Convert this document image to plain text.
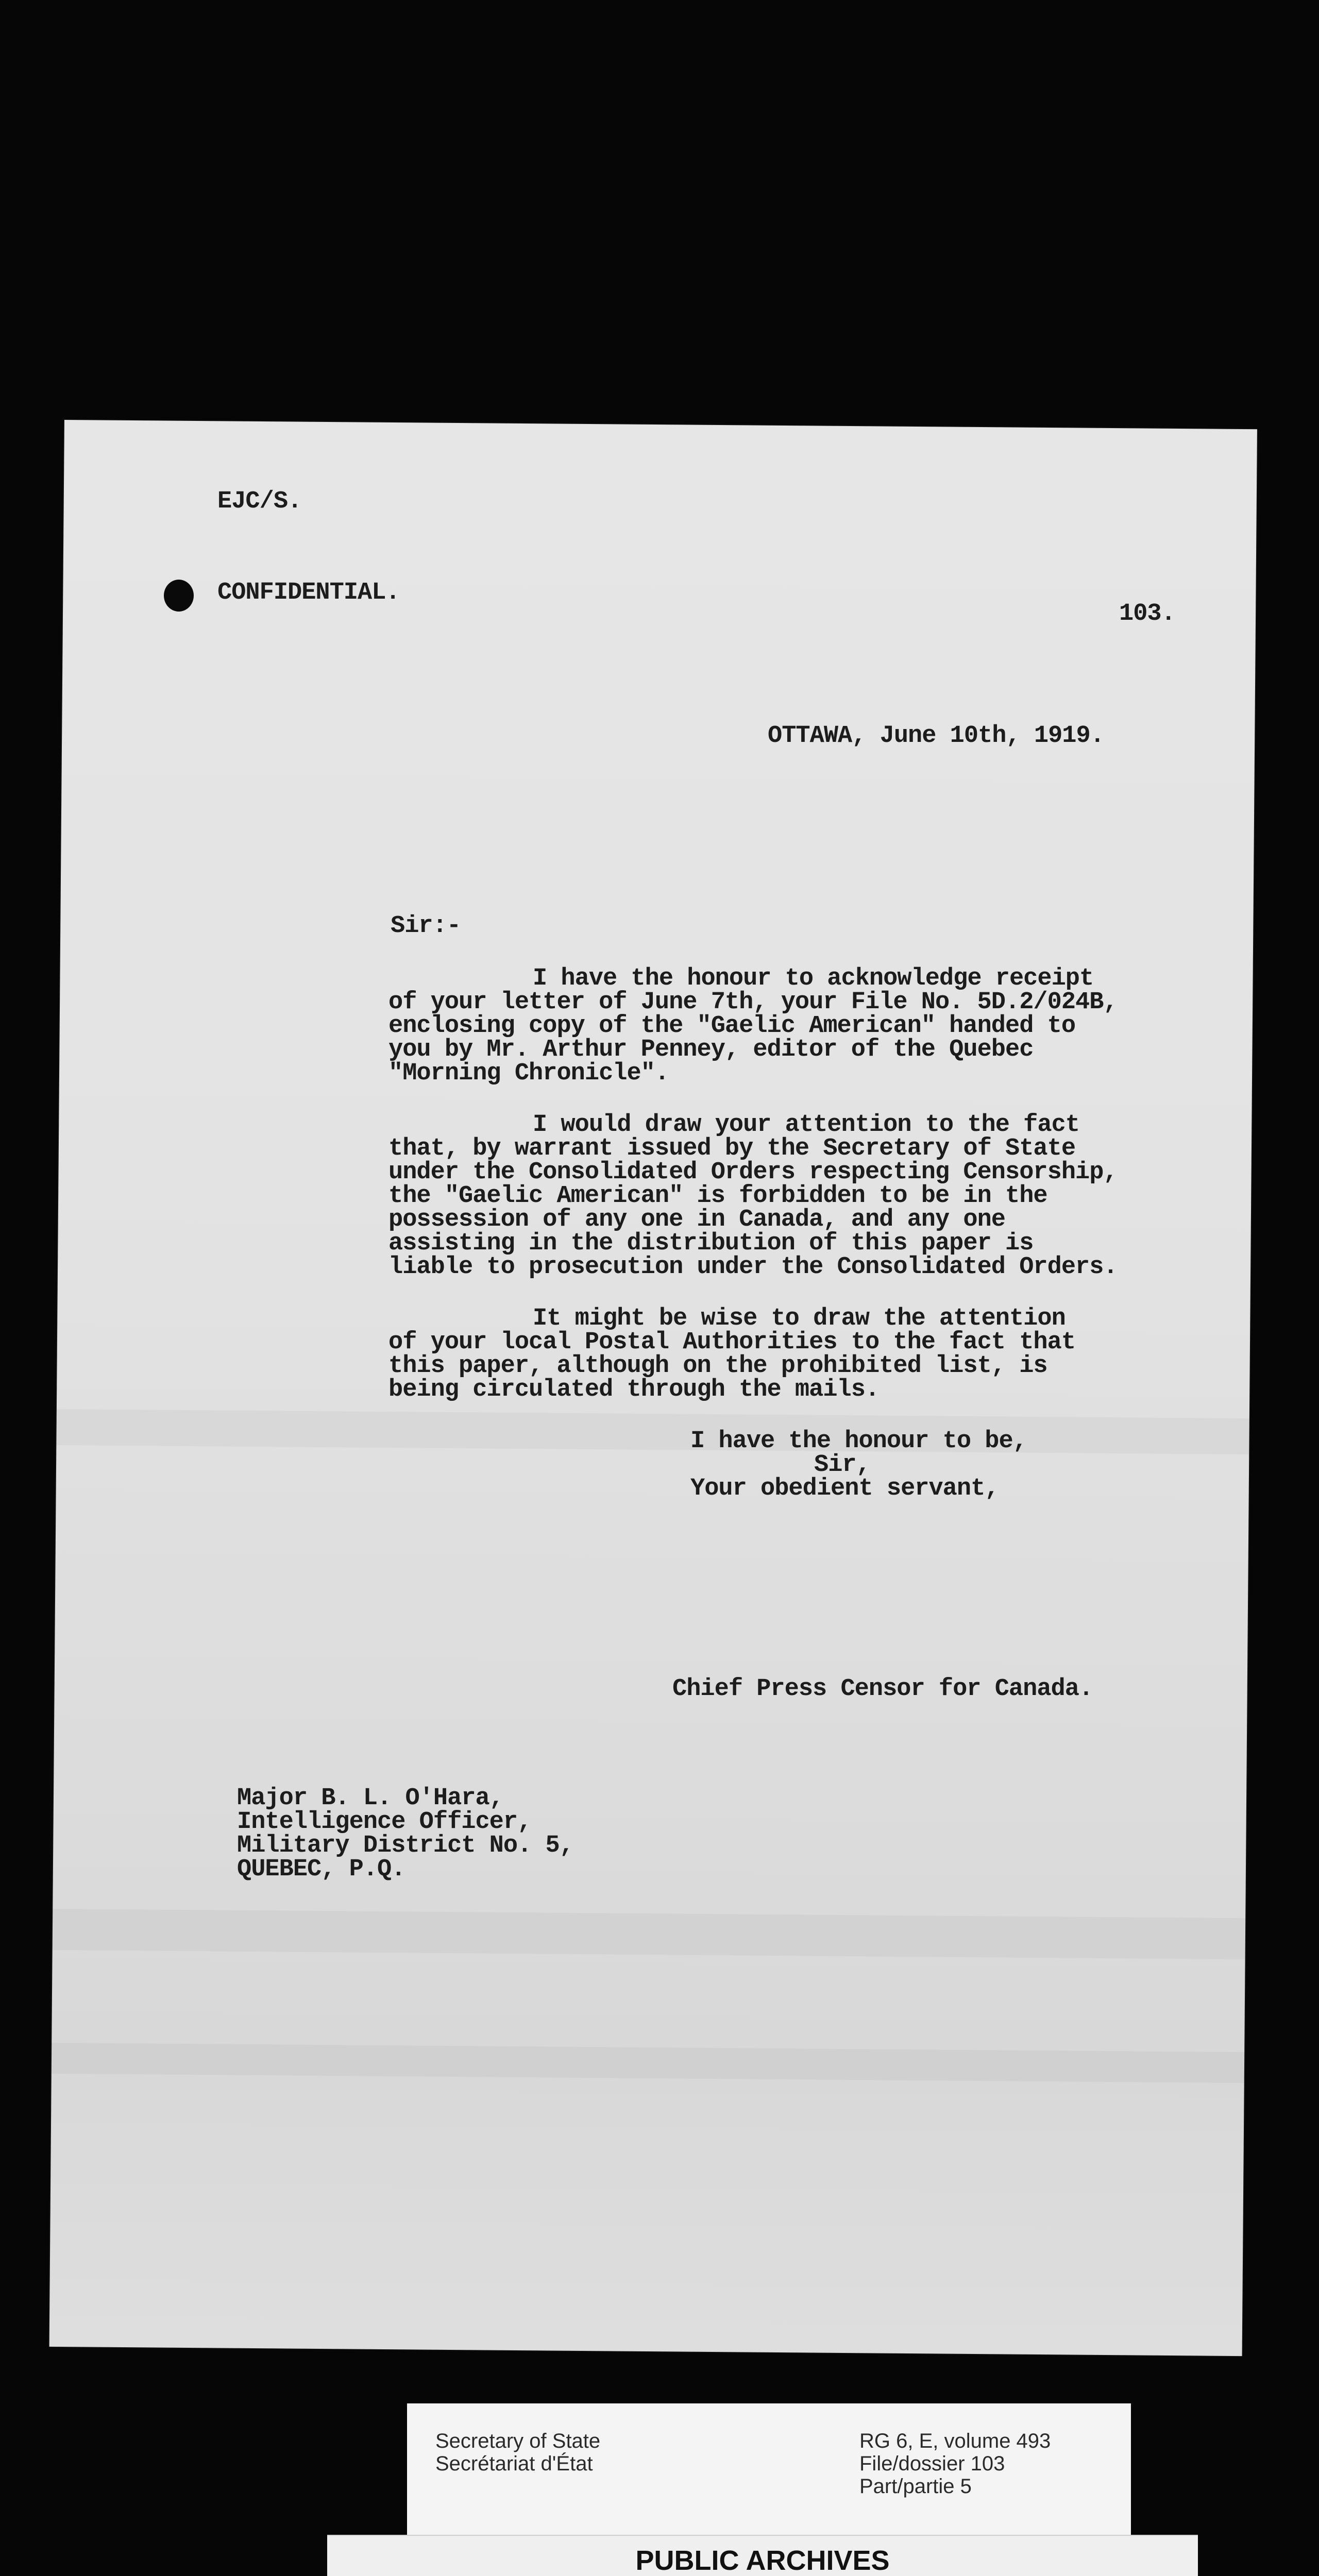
EJC/S.
CONFIDENTIAL.
103.
OTTAWA, June 10th, 1919.
Sir:-
I have the honour to acknowledge receipt
of your letter of June 7th, your File No. 5D.2/024B,
enclosing copy of the "Gaelic American" handed to
you by Mr. Arthur Penney, editor of the Quebec
"Morning Chronicle".
I would draw your attention to the fact
that, by warrant issued by the Secretary of State
under the Consolidated Orders respecting Censorship,
the "Gaelic American" is forbidden to be in the
possession of any one in Canada, and any one
assisting in the distribution of this paper is
liable to prosecution under the Consolidated Orders.
It might be wise to draw the attention
of your local Postal Authorities to the fact that
this paper, although on the prohibited list, is
being circulated through the mails.
I have the honour to be,
Sir,
Your obedient servant,
Chief Press Censor for Canada.
Major B. L. O'Hara,
Intelligence Officer,
Military District No. 5,
QUEBEC, P.Q.
Secretary of State
Secrétariat d'État
RG 6, E, volume 493
File/dossier 103
Part/partie 5
PUBLIC ARCHIVES
